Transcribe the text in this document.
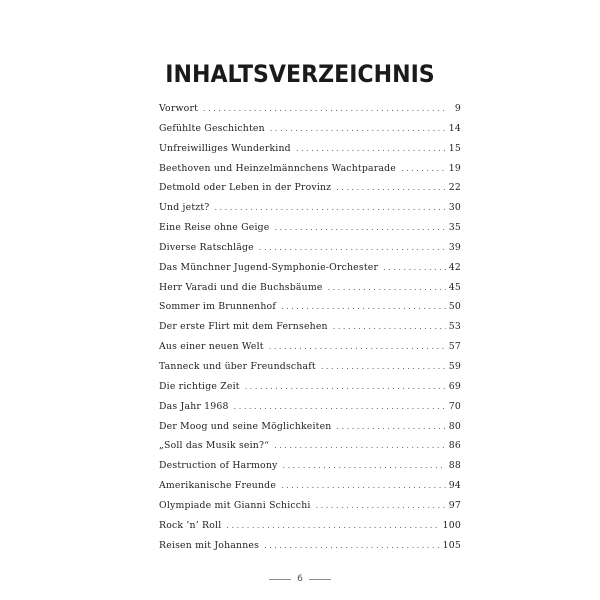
INHALTSVERZEICHNIS
Vorwort . . .	9
Gefühlte Geschichten . . .	14
Unfreiwilliges Wunderkind . . .	15
Beethoven und Heinzelmännchens Wachtparade . . .	19
Detmold oder Leben in der Provinz . . .	22
Und jetzt? . . .	30
Eine Reise ohne Geige . . .	35
Diverse Ratschläge . . .	39
Das Münchner Jugend-Symphonie-Orchester . . .	42
Herr Varadi und die Buchsbäume . . .	45
Sommer im Brunnenhof . . .	50
Der erste Flirt mit dem Fernsehen . . .	53
Aus einer neuen Welt . . .	57
Tanneck und über Freundschaft . . .	59
Die richtige Zeit . . .	69
Das Jahr 1968 . . .	70
Der Moog und seine Möglichkeiten . . .	80
„Soll das Musik sein?“ . . .	86
Destruction of Harmony . . .	88
Amerikanische Freunde . . .	94
Olympiade mit Gianni Schicchi . . .	97
Rock ’n’ Roll . . .	100
Reisen mit Johannes . . .	105
6
